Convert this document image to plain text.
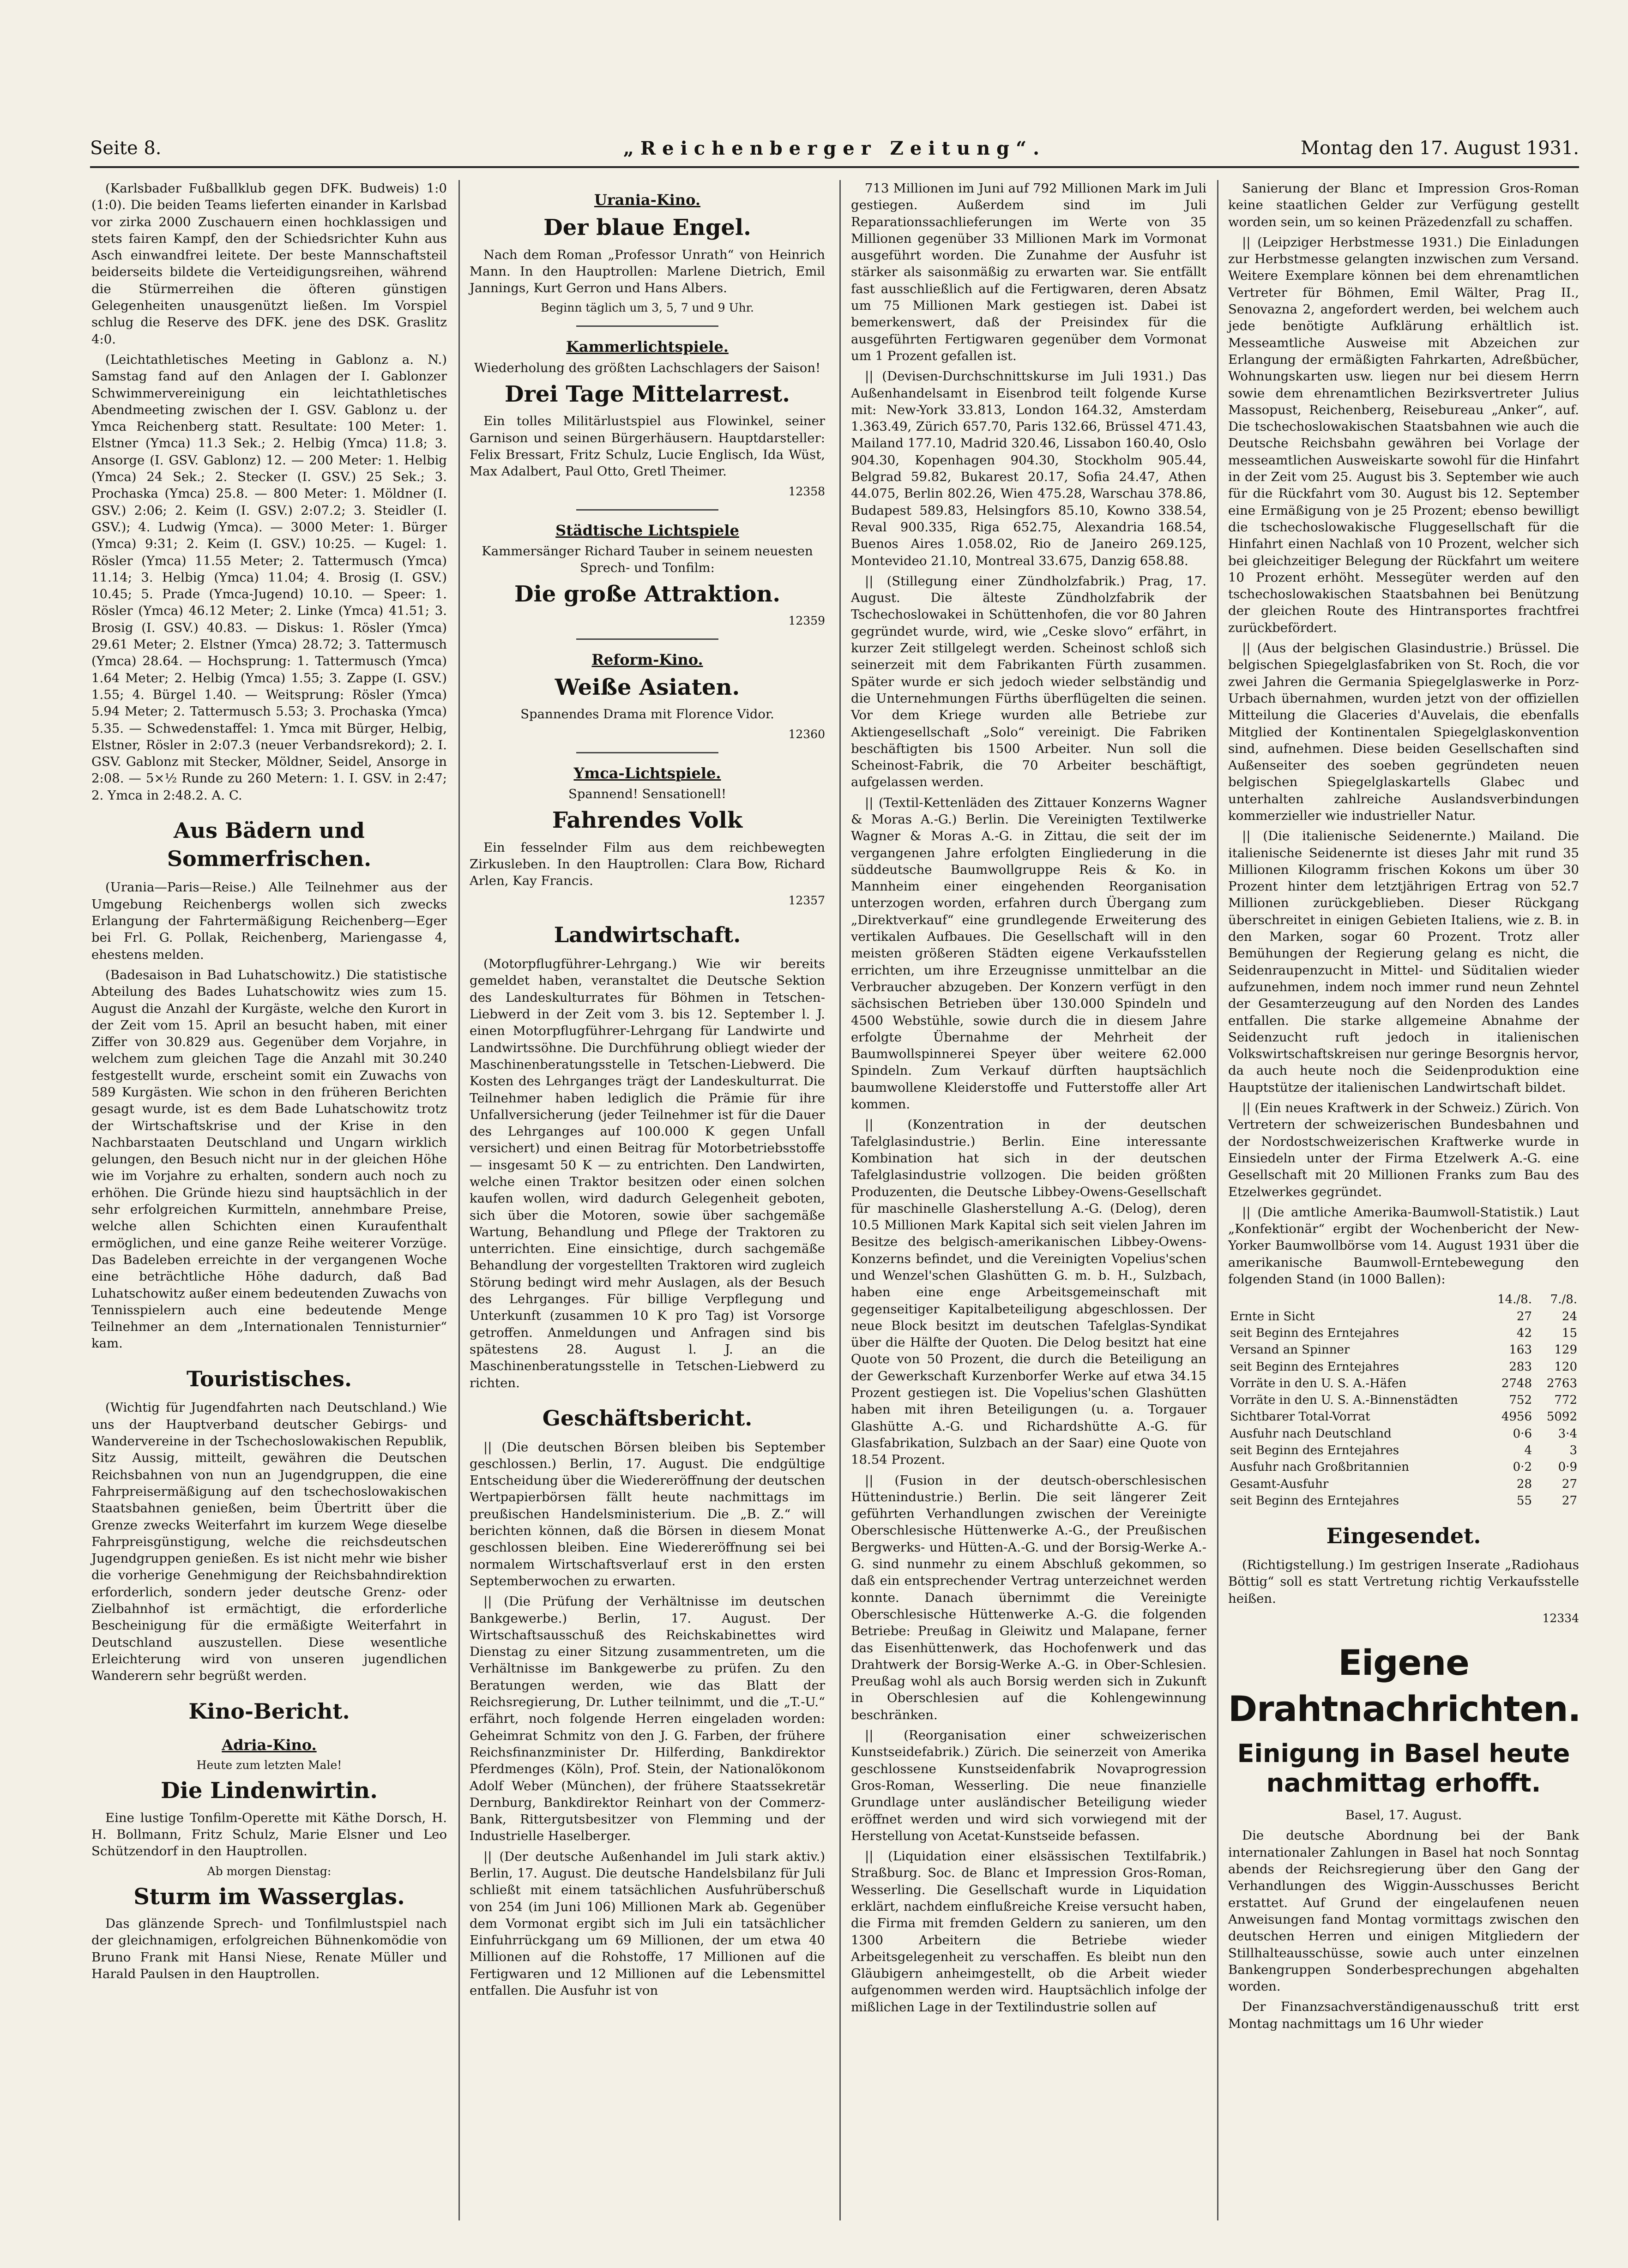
Seite 8.	„Reichenberger Zeitung“.	Montag den 17. August 1931.

(Karlsbader Fußballklub gegen DFK. Budweis) 1:0 (1:0). Die beiden Teams lieferten einander in Karlsbad vor zirka 2000 Zuschauern einen hochklassigen und stets fairen Kampf, den der Schiedsrichter Kuhn aus Asch einwandfrei leitete. Der beste Mannschaftsteil beiderseits bildete die Verteidigungsreihen, während die Stürmerreihen die öfteren günstigen Gelegenheiten unausgenützt ließen. Im Vorspiel schlug die Reserve des DFK. jene des DSK. Graslitz 4:0.

(Leichtathletisches Meeting in Gablonz a. N.) Samstag fand auf den Anlagen der I. Gablonzer Schwimmervereinigung ein leichtathletisches Abendmeeting zwischen der I. GSV. Gablonz u. der Ymca Reichenberg statt. Resultate: 100 Meter: 1. Elstner (Ymca) 11.3 Sek.; 2. Helbig (Ymca) 11.8; 3. Ansorge (I. GSV. Gablonz) 12. — 200 Meter: 1. Helbig (Ymca) 24 Sek.; 2. Stecker (I. GSV.) 25 Sek.; 3. Prochaska (Ymca) 25.8. — 800 Meter: 1. Möldner (I. GSV.) 2:06; 2. Keim (I. GSV.) 2:07.2; 3. Steidler (I. GSV.); 4. Ludwig (Ymca). — 3000 Meter: 1. Bürger (Ymca) 9:31; 2. Keim (I. GSV.) 10:25. — Kugel: 1. Rösler (Ymca) 11.55 Meter; 2. Tattermusch (Ymca) 11.14; 3. Helbig (Ymca) 11.04; 4. Brosig (I. GSV.) 10.45; 5. Prade (Ymca-Jugend) 10.10. — Speer: 1. Rösler (Ymca) 46.12 Meter; 2. Linke (Ymca) 41.51; 3. Brosig (I. GSV.) 40.83. — Diskus: 1. Rösler (Ymca) 29.61 Meter; 2. Elstner (Ymca) 28.72; 3. Tattermusch (Ymca) 28.64. — Hochsprung: 1. Tattermusch (Ymca) 1.64 Meter; 2. Helbig (Ymca) 1.55; 3. Zappe (I. GSV.) 1.55; 4. Bürgel 1.40. — Weitsprung: Rösler (Ymca) 5.94 Meter; 2. Tattermusch 5.53; 3. Prochaska (Ymca) 5.35. — Schwedenstaffel: 1. Ymca mit Bürger, Helbig, Elstner, Rösler in 2:07.3 (neuer Verbandsrekord); 2. I. GSV. Gablonz mit Stecker, Möldner, Seidel, Ansorge in 2:08. — 5×½ Runde zu 260 Metern: 1. I. GSV. in 2:47; 2. Ymca in 2:48.2. A. C.

Aus Bädern und Sommerfrischen.

(Urania—Paris—Reise.) Alle Teilnehmer aus der Umgebung Reichenbergs wollen sich zwecks Erlangung der Fahrtermäßigung Reichenberg—Eger bei Frl. G. Pollak, Reichenberg, Mariengasse 4, ehestens melden.

(Badesaison in Bad Luhatschowitz.) Die statistische Abteilung des Bades Luhatschowitz wies zum 15. August die Anzahl der Kurgäste, welche den Kurort in der Zeit vom 15. April an besucht haben, mit einer Ziffer von 30.829 aus. Gegenüber dem Vorjahre, in welchem zum gleichen Tage die Anzahl mit 30.240 festgestellt wurde, erscheint somit ein Zuwachs von 589 Kurgästen. Wie schon in den früheren Berichten gesagt wurde, ist es dem Bade Luhatschowitz trotz der Wirtschaftskrise und der Krise in den Nachbarstaaten Deutschland und Ungarn wirklich gelungen, den Besuch nicht nur in der gleichen Höhe wie im Vorjahre zu erhalten, sondern auch noch zu erhöhen. Die Gründe hiezu sind hauptsächlich in der sehr erfolgreichen Kurmitteln, annehmbare Preise, welche allen Schichten einen Kuraufenthalt ermöglichen, und eine ganze Reihe weiterer Vorzüge. Das Badeleben erreichte in der vergangenen Woche eine beträchtliche Höhe dadurch, daß Bad Luhatschowitz außer einem bedeutenden Zuwachs von Tennisspielern auch eine bedeutende Menge Teilnehmer an dem „Internationalen Tennisturnier“ kam.

Touristisches.

(Wichtig für Jugendfahrten nach Deutschland.) Wie uns der Hauptverband deutscher Gebirgs- und Wandervereine in der Tschechoslowakischen Republik, Sitz Aussig, mitteilt, gewähren die Deutschen Reichsbahnen von nun an Jugendgruppen, die eine Fahrpreisermäßigung auf den tschechoslowakischen Staatsbahnen genießen, beim Übertritt über die Grenze zwecks Weiterfahrt im kurzem Wege dieselbe Fahrpreisgünstigung, welche die reichsdeutschen Jugendgruppen genießen. Es ist nicht mehr wie bisher die vorherige Genehmigung der Reichsbahndirektion erforderlich, sondern jeder deutsche Grenz- oder Zielbahnhof ist ermächtigt, die erforderliche Bescheinigung für die ermäßigte Weiterfahrt in Deutschland auszustellen. Diese wesentliche Erleichterung wird von unseren jugendlichen Wanderern sehr begrüßt werden.

Kino-Bericht.
Adria-Kino.

Heute zum letzten Male!

Die Lindenwirtin.

Eine lustige Tonfilm-Operette mit Käthe Dorsch, H. H. Bollmann, Fritz Schulz, Marie Elsner und Leo Schützendorf in den Hauptrollen.

Ab morgen Dienstag:

Sturm im Wasserglas.

Das glänzende Sprech- und Tonfilmlustspiel nach der gleichnamigen, erfolgreichen Bühnenkomödie von Bruno Frank mit Hansi Niese, Renate Müller und Harald Paulsen in den Hauptrollen.

Urania-Kino.

Der blaue Engel.

Nach dem Roman „Professor Unrath“ von Heinrich Mann. In den Hauptrollen: Marlene Dietrich, Emil Jannings, Kurt Gerron und Hans Albers.

Beginn täglich um 3, 5, 7 und 9 Uhr.

Kammerlichtspiele.

Wiederholung des größten Lachschlagers der Saison!

Drei Tage Mittelarrest.

Ein tolles Militärlustspiel aus Flowinkel, seiner Garnison und seinen Bürgerhäusern. Hauptdarsteller: Felix Bressart, Fritz Schulz, Lucie Englisch, Ida Wüst, Max Adalbert, Paul Otto, Gretl Theimer.

12358

Städtische Lichtspiele

Kammersänger Richard Tauber in seinem neuesten Sprech- und Tonfilm:

Die große Attraktion.

12359

Reform-Kino.

Weiße Asiaten.

Spannendes Drama mit Florence Vidor.

12360

Ymca-Lichtspiele.

Spannend! Sensationell!

Fahrendes Volk

Ein fesselnder Film aus dem reichbewegten Zirkusleben. In den Hauptrollen: Clara Bow, Richard Arlen, Kay Francis.

12357

Landwirtschaft.

(Motorpflugführer-Lehrgang.) Wie wir bereits gemeldet haben, veranstaltet die Deutsche Sektion des Landeskulturrates für Böhmen in Tetschen-Liebwerd in der Zeit vom 3. bis 12. September l. J. einen Motorpflugführer-Lehrgang für Landwirte und Landwirtssöhne. Die Durchführung obliegt wieder der Maschinenberatungsstelle in Tetschen-Liebwerd. Die Kosten des Lehrganges trägt der Landeskulturrat. Die Teilnehmer haben lediglich die Prämie für ihre Unfallversicherung (jeder Teilnehmer ist für die Dauer des Lehrganges auf 100.000 K gegen Unfall versichert) und einen Beitrag für Motorbetriebsstoffe — insgesamt 50 K — zu entrichten. Den Landwirten, welche einen Traktor besitzen oder einen solchen kaufen wollen, wird dadurch Gelegenheit geboten, sich über die Motoren, sowie über sachgemäße Wartung, Behandlung und Pflege der Traktoren zu unterrichten. Eine einsichtige, durch sachgemäße Behandlung der vorgestellten Traktoren wird zugleich Störung bedingt wird mehr Auslagen, als der Besuch des Lehrganges. Für billige Verpflegung und Unterkunft (zusammen 10 K pro Tag) ist Vorsorge getroffen. Anmeldungen und Anfragen sind bis spätestens 28. August l. J. an die Maschinenberatungsstelle in Tetschen-Liebwerd zu richten.

Geschäftsbericht.

|| (Die deutschen Börsen bleiben bis September geschlossen.) Berlin, 17. August. Die endgültige Entscheidung über die Wiedereröffnung der deutschen Wertpapierbörsen fällt heute nachmittags im preußischen Handelsministerium. Die „B. Z.“ will berichten können, daß die Börsen in diesem Monat geschlossen bleiben. Eine Wiedereröffnung sei bei normalem Wirtschaftsverlauf erst in den ersten Septemberwochen zu erwarten.

|| (Die Prüfung der Verhältnisse im deutschen Bankgewerbe.) Berlin, 17. August. Der Wirtschaftsausschuß des Reichskabinettes wird Dienstag zu einer Sitzung zusammentreten, um die Verhältnisse im Bankgewerbe zu prüfen. Zu den Beratungen werden, wie das Blatt der Reichsregierung, Dr. Luther teilnimmt, und die „T.-U.“ erfährt, noch folgende Herren eingeladen worden: Geheimrat Schmitz von den J. G. Farben, der frühere Reichsfinanzminister Dr. Hilferding, Bankdirektor Pferdmenges (Köln), Prof. Stein, der Nationalökonom Adolf Weber (München), der frühere Staatssekretär Dernburg, Bankdirektor Reinhart von der Commerz-Bank, Rittergutsbesitzer von Flemming und der Industrielle Haselberger.

|| (Der deutsche Außenhandel im Juli stark aktiv.) Berlin, 17. August. Die deutsche Handelsbilanz für Juli schließt mit einem tatsächlichen Ausfuhrüberschuß von 254 (im Juni 106) Millionen Mark ab. Gegenüber dem Vormonat ergibt sich im Juli ein tatsächlicher Einfuhrrückgang um 69 Millionen, der um etwa 40 Millionen auf die Rohstoffe, 17 Millionen auf die Fertigwaren und 12 Millionen auf die Lebensmittel entfallen. Die Ausfuhr ist von

713 Millionen im Juni auf 792 Millionen Mark im Juli gestiegen. Außerdem sind im Juli Reparationssachlieferungen im Werte von 35 Millionen gegenüber 33 Millionen Mark im Vormonat ausgeführt worden. Die Zunahme der Ausfuhr ist stärker als saisonmäßig zu erwarten war. Sie entfällt fast ausschließlich auf die Fertigwaren, deren Absatz um 75 Millionen Mark gestiegen ist. Dabei ist bemerkenswert, daß der Preisindex für die ausgeführten Fertigwaren gegenüber dem Vormonat um 1 Prozent gefallen ist.

|| (Devisen-Durchschnittskurse im Juli 1931.) Das Außenhandelsamt in Eisenbrod teilt folgende Kurse mit: New-York 33.813, London 164.32, Amsterdam 1.363.49, Zürich 657.70, Paris 132.66, Brüssel 471.43, Mailand 177.10, Madrid 320.46, Lissabon 160.40, Oslo 904.30, Kopenhagen 904.30, Stockholm 905.44, Belgrad 59.82, Bukarest 20.17, Sofia 24.47, Athen 44.075, Berlin 802.26, Wien 475.28, Warschau 378.86, Budapest 589.83, Helsingfors 85.10, Kowno 338.54, Reval 900.335, Riga 652.75, Alexandria 168.54, Buenos Aires 1.058.02, Rio de Janeiro 269.125, Montevideo 21.10, Montreal 33.675, Danzig 658.88.

|| (Stillegung einer Zündholzfabrik.) Prag, 17. August. Die älteste Zündholzfabrik der Tschechoslowakei in Schüttenhofen, die vor 80 Jahren gegründet wurde, wird, wie „Ceske slovo“ erfährt, in kurzer Zeit stillgelegt werden. Scheinost schloß sich seinerzeit mit dem Fabrikanten Fürth zusammen. Später wurde er sich jedoch wieder selbständig und die Unternehmungen Fürths überflügelten die seinen. Vor dem Kriege wurden alle Betriebe zur Aktiengesellschaft „Solo“ vereinigt. Die Fabriken beschäftigten bis 1500 Arbeiter. Nun soll die Scheinost-Fabrik, die 70 Arbeiter beschäftigt, aufgelassen werden.

|| (Textil-Kettenläden des Zittauer Konzerns Wagner & Moras A.-G.) Berlin. Die Vereinigten Textilwerke Wagner & Moras A.-G. in Zittau, die seit der im vergangenen Jahre erfolgten Eingliederung in die süddeutsche Baumwollgruppe Reis & Ko. in Mannheim einer eingehenden Reorganisation unterzogen worden, erfahren durch Übergang zum „Direktverkauf“ eine grundlegende Erweiterung des vertikalen Aufbaues. Die Gesellschaft will in den meisten größeren Städten eigene Verkaufsstellen errichten, um ihre Erzeugnisse unmittelbar an die Verbraucher abzugeben. Der Konzern verfügt in den sächsischen Betrieben über 130.000 Spindeln und 4500 Webstühle, sowie durch die in diesem Jahre erfolgte Übernahme der Mehrheit der Baumwollspinnerei Speyer über weitere 62.000 Spindeln. Zum Verkauf dürften hauptsächlich baumwollene Kleiderstoffe und Futterstoffe aller Art kommen.

|| (Konzentration in der deutschen Tafelglasindustrie.) Berlin. Eine interessante Kombination hat sich in der deutschen Tafelglasindustrie vollzogen. Die beiden größten Produzenten, die Deutsche Libbey-Owens-Gesellschaft für maschinelle Glasherstellung A.-G. (Delog), deren 10.5 Millionen Mark Kapital sich seit vielen Jahren im Besitze des belgisch-amerikanischen Libbey-Owens-Konzerns befindet, und die Vereinigten Vopelius'schen und Wenzel'schen Glashütten G. m. b. H., Sulzbach, haben eine enge Arbeitsgemeinschaft mit gegenseitiger Kapitalbeteiligung abgeschlossen. Der neue Block besitzt im deutschen Tafelglas-Syndikat über die Hälfte der Quoten. Die Delog besitzt hat eine Quote von 50 Prozent, die durch die Beteiligung an der Gewerkschaft Kurzenborfer Werke auf etwa 34.15 Prozent gestiegen ist. Die Vopelius'schen Glashütten haben mit ihren Beteiligungen (u. a. Torgauer Glashütte A.-G. und Richardshütte A.-G. für Glasfabrikation, Sulzbach an der Saar) eine Quote von 18.54 Prozent.

|| (Fusion in der deutsch-oberschlesischen Hüttenindustrie.) Berlin. Die seit längerer Zeit geführten Verhandlungen zwischen der Vereinigte Oberschlesische Hüttenwerke A.-G., der Preußischen Bergwerks- und Hütten-A.-G. und der Borsig-Werke A.-G. sind nunmehr zu einem Abschluß gekommen, so daß ein entsprechender Vertrag unterzeichnet werden konnte. Danach übernimmt die Vereinigte Oberschlesische Hüttenwerke A.-G. die folgenden Betriebe: Preußag in Gleiwitz und Malapane, ferner das Eisenhüttenwerk, das Hochofenwerk und das Drahtwerk der Borsig-Werke A.-G. in Ober-Schlesien. Preußag wohl als auch Borsig werden sich in Zukunft in Oberschlesien auf die Kohlengewinnung beschränken.

|| (Reorganisation einer schweizerischen Kunstseidefabrik.) Zürich. Die seinerzeit von Amerika geschlossene Kunstseidenfabrik Novaprogression Gros-Roman, Wesserling. Die neue finanzielle Grundlage unter ausländischer Beteiligung wieder eröffnet werden und wird sich vorwiegend mit der Herstellung von Acetat-Kunstseide befassen.

|| (Liquidation einer elsässischen Textilfabrik.) Straßburg. Soc. de Blanc et Impression Gros-Roman, Wesserling. Die Gesellschaft wurde in Liquidation erklärt, nachdem einflußreiche Kreise versucht haben, die Firma mit fremden Geldern zu sanieren, um den 1300 Arbeitern die Betriebe wieder Arbeitsgelegenheit zu verschaffen. Es bleibt nun den Gläubigern anheimgestellt, ob die Arbeit wieder aufgenommen werden wird. Hauptsächlich infolge der mißlichen Lage in der Textilindustrie sollen auf

Sanierung der Blanc et Impression Gros-Roman keine staatlichen Gelder zur Verfügung gestellt worden sein, um so keinen Präzedenzfall zu schaffen.

|| (Leipziger Herbstmesse 1931.) Die Einladungen zur Herbstmesse gelangten inzwischen zum Versand. Weitere Exemplare können bei dem ehrenamtlichen Vertreter für Böhmen, Emil Wälter, Prag II., Senovazna 2, angefordert werden, bei welchem auch jede benötigte Aufklärung erhältlich ist. Messeamtliche Ausweise mit Abzeichen zur Erlangung der ermäßigten Fahrkarten, Adreßbücher, Wohnungskarten usw. liegen nur bei diesem Herrn sowie dem ehrenamtlichen Bezirksvertreter Julius Massopust, Reichenberg, Reisebureau „Anker“, auf. Die tschechoslowakischen Staatsbahnen wie auch die Deutsche Reichsbahn gewähren bei Vorlage der messeamtlichen Ausweiskarte sowohl für die Hinfahrt in der Zeit vom 25. August bis 3. September wie auch für die Rückfahrt vom 30. August bis 12. September eine Ermäßigung von je 25 Prozent; ebenso bewilligt die tschechoslowakische Fluggesellschaft für die Hinfahrt einen Nachlaß von 10 Prozent, welcher sich bei gleichzeitiger Belegung der Rückfahrt um weitere 10 Prozent erhöht. Messegüter werden auf den tschechoslowakischen Staatsbahnen bei Benützung der gleichen Route des Hintransportes frachtfrei zurückbefördert.

|| (Aus der belgischen Glasindustrie.) Brüssel. Die belgischen Spiegelglasfabriken von St. Roch, die vor zwei Jahren die Germania Spiegelglaswerke in Porz-Urbach übernahmen, wurden jetzt von der offiziellen Mitteilung die Glaceries d'Auvelais, die ebenfalls Mitglied der Kontinentalen Spiegelglaskonvention sind, aufnehmen. Diese beiden Gesellschaften sind Außenseiter des soeben gegründeten neuen belgischen Spiegelglaskartells Glabec und unterhalten zahlreiche Auslandsverbindungen kommerzieller wie industrieller Natur.

|| (Die italienische Seidenernte.) Mailand. Die italienische Seidenernte ist dieses Jahr mit rund 35 Millionen Kilogramm frischen Kokons um über 30 Prozent hinter dem letztjährigen Ertrag von 52.7 Millionen zurückgeblieben. Dieser Rückgang überschreitet in einigen Gebieten Italiens, wie z. B. in den Marken, sogar 60 Prozent. Trotz aller Bemühungen der Regierung gelang es nicht, die Seidenraupenzucht in Mittel- und Süditalien wieder aufzunehmen, indem noch immer rund neun Zehntel der Gesamterzeugung auf den Norden des Landes entfallen. Die starke allgemeine Abnahme der Seidenzucht ruft jedoch in italienischen Volkswirtschaftskreisen nur geringe Besorgnis hervor, da auch heute noch die Seidenproduktion eine Hauptstütze der italienischen Landwirtschaft bildet.

|| (Ein neues Kraftwerk in der Schweiz.) Zürich. Von Vertretern der schweizerischen Bundesbahnen und der Nordostschweizerischen Kraftwerke wurde in Einsiedeln unter der Firma Etzelwerk A.-G. eine Gesellschaft mit 20 Millionen Franks zum Bau des Etzelwerkes gegründet.

|| (Die amtliche Amerika-Baumwoll-Statistik.) Laut „Konfektionär“ ergibt der Wochenbericht der New-Yorker Baumwollbörse vom 14. August 1931 über die amerikanische Baumwoll-Erntebewegung den folgenden Stand (in 1000 Ballen):

	14./8.	7./8.
Ernte in Sicht	27	24
seit Beginn des Erntejahres	42	15
Versand an Spinner	163	129
seit Beginn des Erntejahres	283	120
Vorräte in den U. S. A.-Häfen	2748	2763
Vorräte in den U. S. A.-Binnenstädten	752	772
Sichtbarer Total-Vorrat	4956	5092
Ausfuhr nach Deutschland	0·6	3·4
seit Beginn des Erntejahres	4	3
Ausfuhr nach Großbritannien	0·2	0·9
Gesamt-Ausfuhr	28	27
seit Beginn des Erntejahres	55	27
Eingesendet.

(Richtigstellung.) Im gestrigen Inserate „Radiohaus Böttig“ soll es statt Vertretung richtig Verkaufsstelle heißen.

12334

Eigene Drahtnachrichten.
Einigung in Basel heute nachmittag erhofft.

Basel, 17. August.

Die deutsche Abordnung bei der Bank internationaler Zahlungen in Basel hat noch Sonntag abends der Reichsregierung über den Gang der Verhandlungen des Wiggin-Ausschusses Bericht erstattet. Auf Grund der eingelaufenen neuen Anweisungen fand Montag vormittags zwischen den deutschen Herren und einigen Mitgliedern der Stillhalteausschüsse, sowie auch unter einzelnen Bankengruppen Sonderbesprechungen abgehalten worden.

Der Finanzsachverständigenausschuß tritt erst Montag nachmittags um 16 Uhr wieder
